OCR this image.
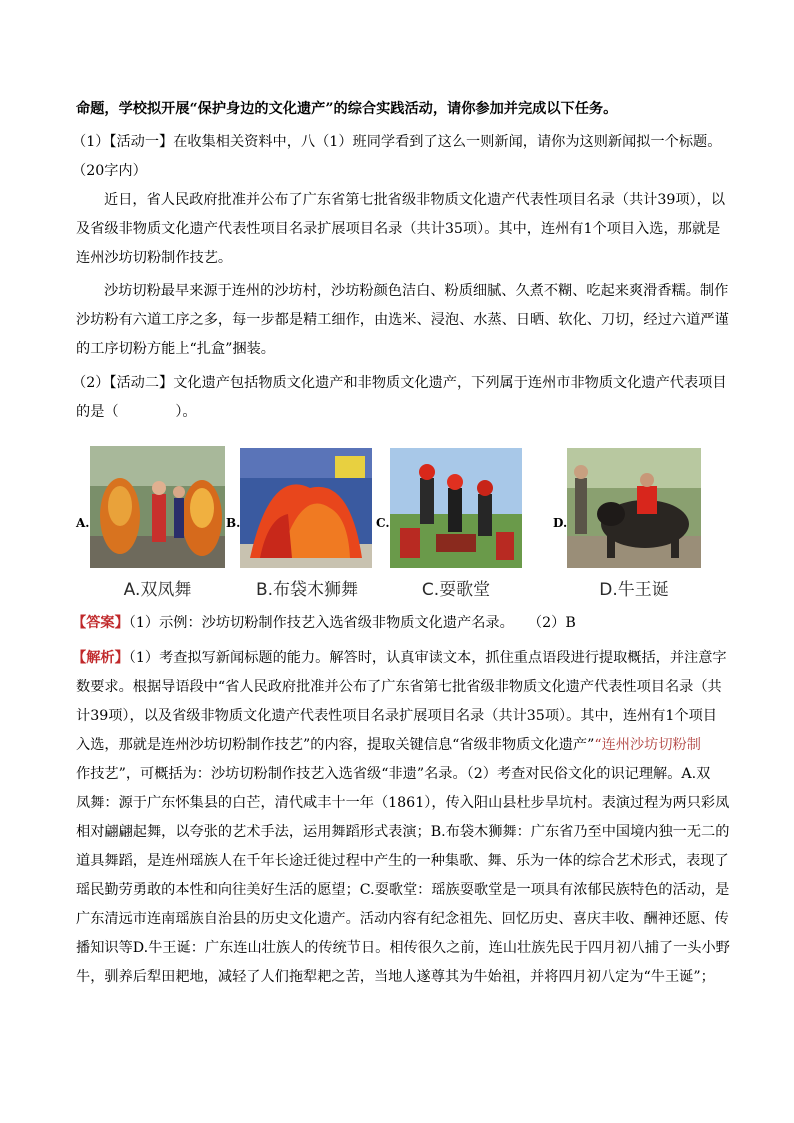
命题，学校拟开展“保护身边的文化遗产”的综合实践活动，请你参加并完成以下任务。
（1）【活动一】在收集相关资料中，八（1）班同学看到了这么一则新闻，请你为这则新闻拟一个标题。
（20字内）
近日，省人民政府批准并公布了广东省第七批省级非物质文化遗产代表性项目名录（共计39项），以
及省级非物质文化遗产代表性项目名录扩展项目名录（共计35项）。其中，连州有1个项目入选，那就是
连州沙坊切粉制作技艺。
沙坊切粉最早来源于连州的沙坊村，沙坊粉颜色洁白、粉质细腻、久煮不糊、吃起来爽滑香糯。制作
沙坊粉有六道工序之多，每一步都是精工细作，由选米、浸泡、水蒸、日晒、软化、刀切，经过六道严谨
的工序切粉方能上“扎盒”捆装。
（2）【活动二】文化遗产包括物质文化遗产和非物质文化遗产，下列属于连州市非物质文化遗产代表项目
的是（　　　　）。
A.
A.双凤舞
B.
B.布袋木狮舞
C.
C.耍歌堂
D.
D.牛王诞
【答案】（1）示例：沙坊切粉制作技艺入选省级非物质文化遗产名录。　　（2）B
【解析】（1）考查拟写新闻标题的能力。解答时，认真审读文本，抓住重点语段进行提取概括，并注意字
数要求。根据导语段中“省人民政府批准并公布了广东省第七批省级非物质文化遗产代表性项目名录（共
计39项），以及省级非物质文化遗产代表性项目名录扩展项目名录（共计35项）。其中，连州有1个项目
入选，那就是连州沙坊切粉制作技艺”的内容，提取关键信息“省级非物质文化遗产”“连州沙坊切粉制
作技艺”，可概括为：沙坊切粉制作技艺入选省级“非遗”名录。（2）考查对民俗文化的识记理解。A.双
凤舞：源于广东怀集县的白芒，清代咸丰十一年（1861），传入阳山县杜步旱坑村。表演过程为两只彩凤
相对翩翩起舞，以夸张的艺术手法，运用舞蹈形式表演；B.布袋木狮舞：广东省乃至中国境内独一无二的
道具舞蹈，是连州瑶族人在千年长途迁徙过程中产生的一种集歌、舞、乐为一体的综合艺术形式，表现了
瑶民勤劳勇敢的本性和向往美好生活的愿望；C.耍歌堂：瑶族耍歌堂是一项具有浓郁民族特色的活动，是
广东清远市连南瑶族自治县的历史文化遗产。活动内容有纪念祖先、回忆历史、喜庆丰收、酬神还愿、传
播知识等D.牛王诞：广东连山壮族人的传统节日。相传很久之前，连山壮族先民于四月初八捕了一头小野
牛，驯养后犁田耙地，减轻了人们拖犁耙之苦，当地人遂尊其为牛始祖，并将四月初八定为“牛王诞”；
